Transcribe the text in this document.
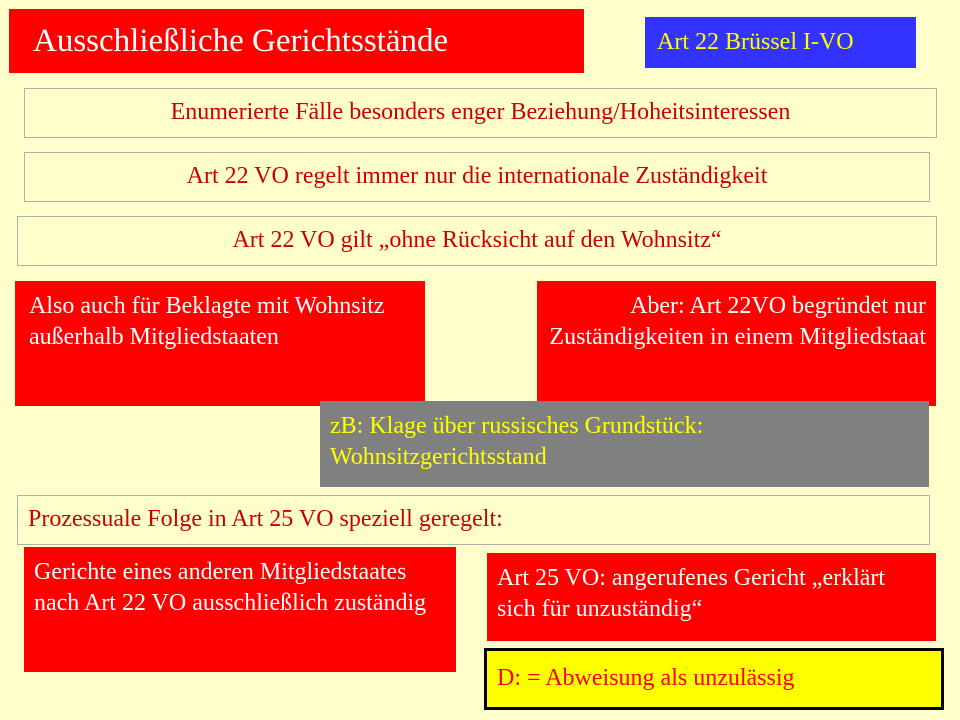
Ausschließliche Gerichtsstände	Art 22 Brüssel I-VO
Enumerierte Fälle besonders enger Beziehung/Hoheitsinteressen
Art 22 VO regelt immer nur die internationale Zuständigkeit
Art 22 VO gilt „ohne Rücksicht auf den Wohnsitz“
Also auch für Beklagte mit Wohnsitz außerhalb Mitgliedstaaten
Aber: Art 22VO begründet nur Zuständigkeiten in einem Mitgliedstaat
zB: Klage über russisches Grundstück: Wohnsitzgerichtsstand
Prozessuale Folge in Art 25 VO speziell geregelt:
Gerichte eines anderen Mitgliedstaates nach Art 22 VO ausschließlich zuständig
Art 25 VO: angerufenes Gericht „erklärt sich für unzuständig“
D: = Abweisung als unzulässig
